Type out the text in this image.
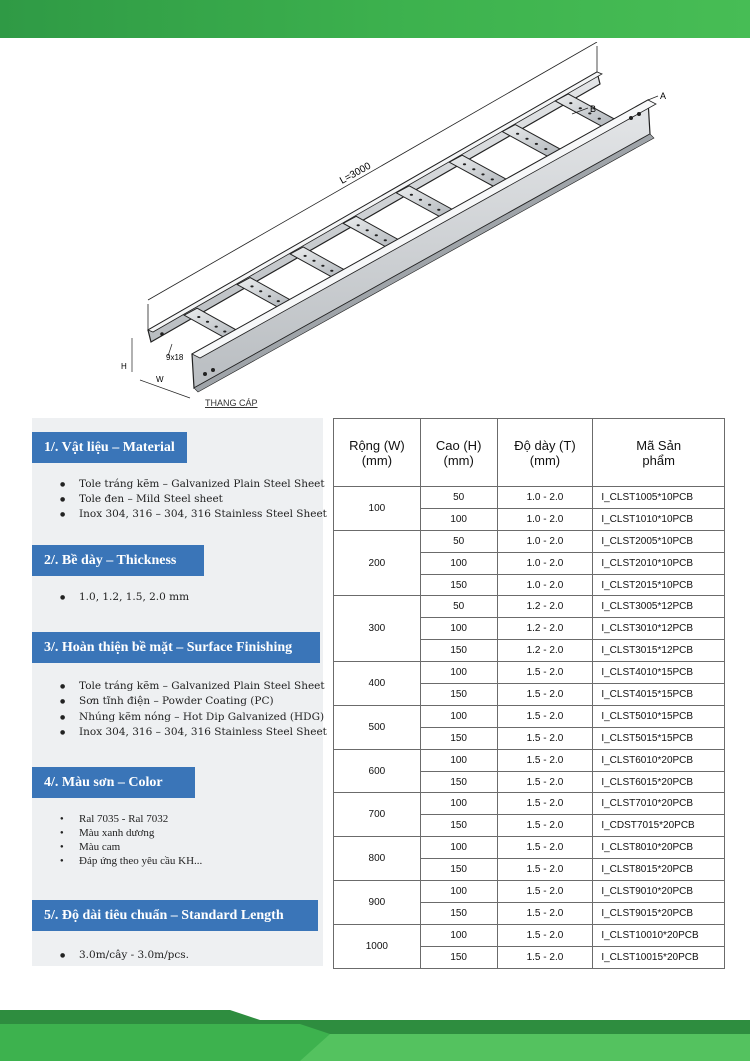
L=3000
A
B
9x18
H
W
THANG CÁP
1/. Vật liệu – Material
● Tole tráng kẽm – Galvanized Plain Steel Sheet
● Tole đen – Mild Steel sheet
● Inox 304, 316 – 304, 316 Stainless Steel Sheet
2/. Bề dày – Thickness
● 1.0, 1.2, 1.5, 2.0 mm
3/. Hoàn thiện bề mặt – Surface Finishing
● Tole tráng kẽm – Galvanized Plain Steel Sheet
● Sơn tĩnh điện – Powder Coating (PC)
● Nhúng kẽm nóng – Hot Dip Galvanized (HDG)
● Inox 304, 316 – 304, 316 Stainless Steel Sheet
4/. Màu sơn – Color
● Ral 7035 - Ral 7032
● Màu xanh dương
● Màu cam
● Đáp ứng theo yêu cầu KH...
5/. Độ dài tiêu chuẩn – Standard Length
● 3.0m/cây - 3.0m/pcs.
Rộng (W) (mm)	Cao (H) (mm)	Độ dày (T) (mm)	Mã Sản phẩm
100	50	1.0 - 2.0	I_CLST1005*10PCB
	100	1.0 - 2.0	I_CLST1010*10PCB
200	50	1.0 - 2.0	I_CLST2005*10PCB
	100	1.0 - 2.0	I_CLST2010*10PCB
	150	1.0 - 2.0	I_CLST2015*10PCB
300	50	1.2 - 2.0	I_CLST3005*12PCB
	100	1.2 - 2.0	I_CLST3010*12PCB
	150	1.2 - 2.0	I_CLST3015*12PCB
400	100	1.5 - 2.0	I_CLST4010*15PCB
	150	1.5 - 2.0	I_CLST4015*15PCB
500	100	1.5 - 2.0	I_CLST5010*15PCB
	150	1.5 - 2.0	I_CLST5015*15PCB
600	100	1.5 - 2.0	I_CLST6010*20PCB
	150	1.5 - 2.0	I_CLST6015*20PCB
700	100	1.5 - 2.0	I_CLST7010*20PCB
	150	1.5 - 2.0	I_CDST7015*20PCB
800	100	1.5 - 2.0	I_CLST8010*20PCB
	150	1.5 - 2.0	I_CLST8015*20PCB
900	100	1.5 - 2.0	I_CLST9010*20PCB
	150	1.5 - 2.0	I_CLST9015*20PCB
1000	100	1.5 - 2.0	I_CLST10010*20PCB
	150	1.5 - 2.0	I_CLST10015*20PCB
